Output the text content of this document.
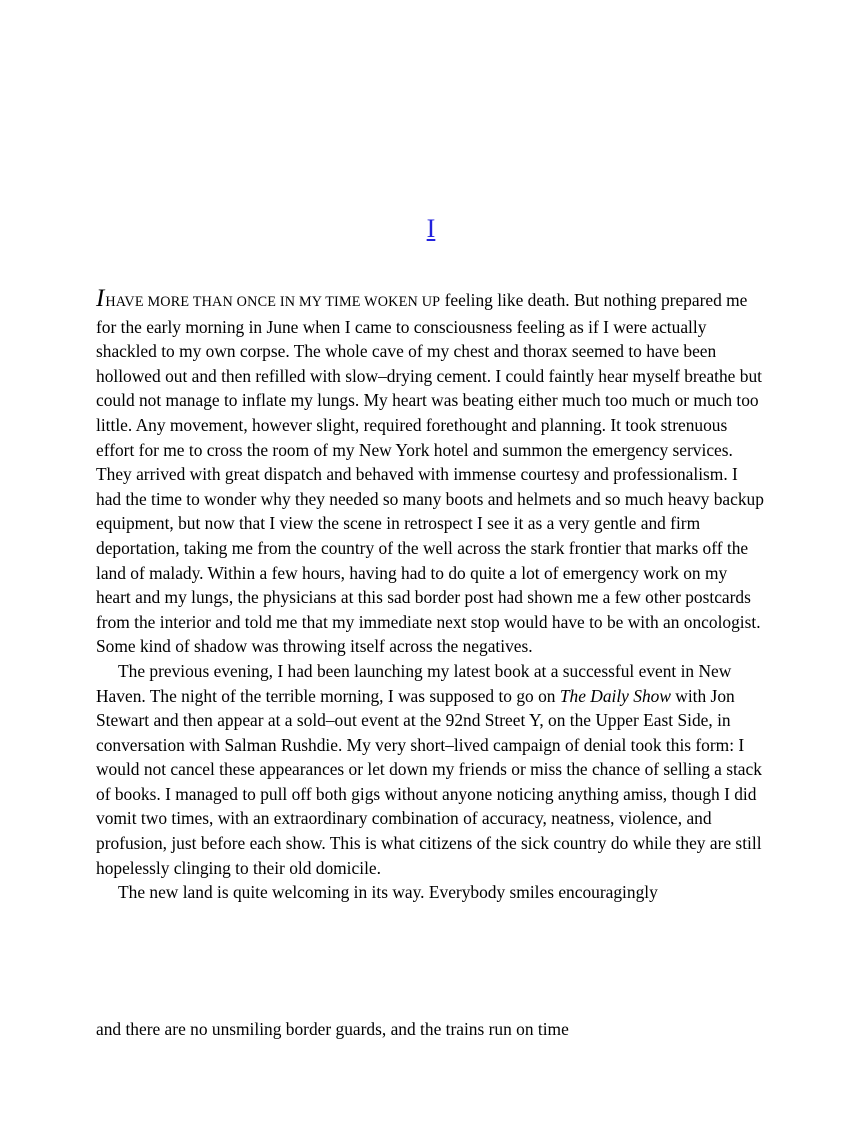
I

IHAVE MORE THAN ONCE IN MY TIME WOKEN UP feeling like death. But nothing prepared me for the early morning in June when I came to consciousness feeling as if I were actually shackled to my own corpse. The whole cave of my chest and thorax seemed to have been hollowed out and then refilled with slow–drying cement. I could faintly hear myself breathe but could not manage to inflate my lungs. My heart was beating either much too much or much too little. Any movement, however slight, required forethought and planning. It took strenuous effort for me to cross the room of my New York hotel and summon the emergency services. They arrived with great dispatch and behaved with immense courtesy and professionalism. I had the time to wonder why they needed so many boots and helmets and so much heavy backup equipment, but now that I view the scene in retrospect I see it as a very gentle and firm deportation, taking me from the country of the well across the stark frontier that marks off the land of malady. Within a few hours, having had to do quite a lot of emergency work on my heart and my lungs, the physicians at this sad border post had shown me a few other postcards from the interior and told me that my immediate next stop would have to be with an oncologist. Some kind of shadow was throwing itself across the negatives.

The previous evening, I had been launching my latest book at a successful event in New Haven. The night of the terrible morning, I was supposed to go on The Daily Show with Jon Stewart and then appear at a sold–out event at the 92nd Street Y, on the Upper East Side, in conversation with Salman Rushdie. My very short–lived campaign of denial took this form: I would not cancel these appearances or let down my friends or miss the chance of selling a stack of books. I managed to pull off both gigs without anyone noticing anything amiss, though I did vomit two times, with an extraordinary combination of accuracy, neatness, violence, and profusion, just before each show. This is what citizens of the sick country do while they are still hopelessly clinging to their old domicile.

The new land is quite welcoming in its way. Everybody smiles encouragingly

and there are no unsmiling border guards, and the trains run on time
